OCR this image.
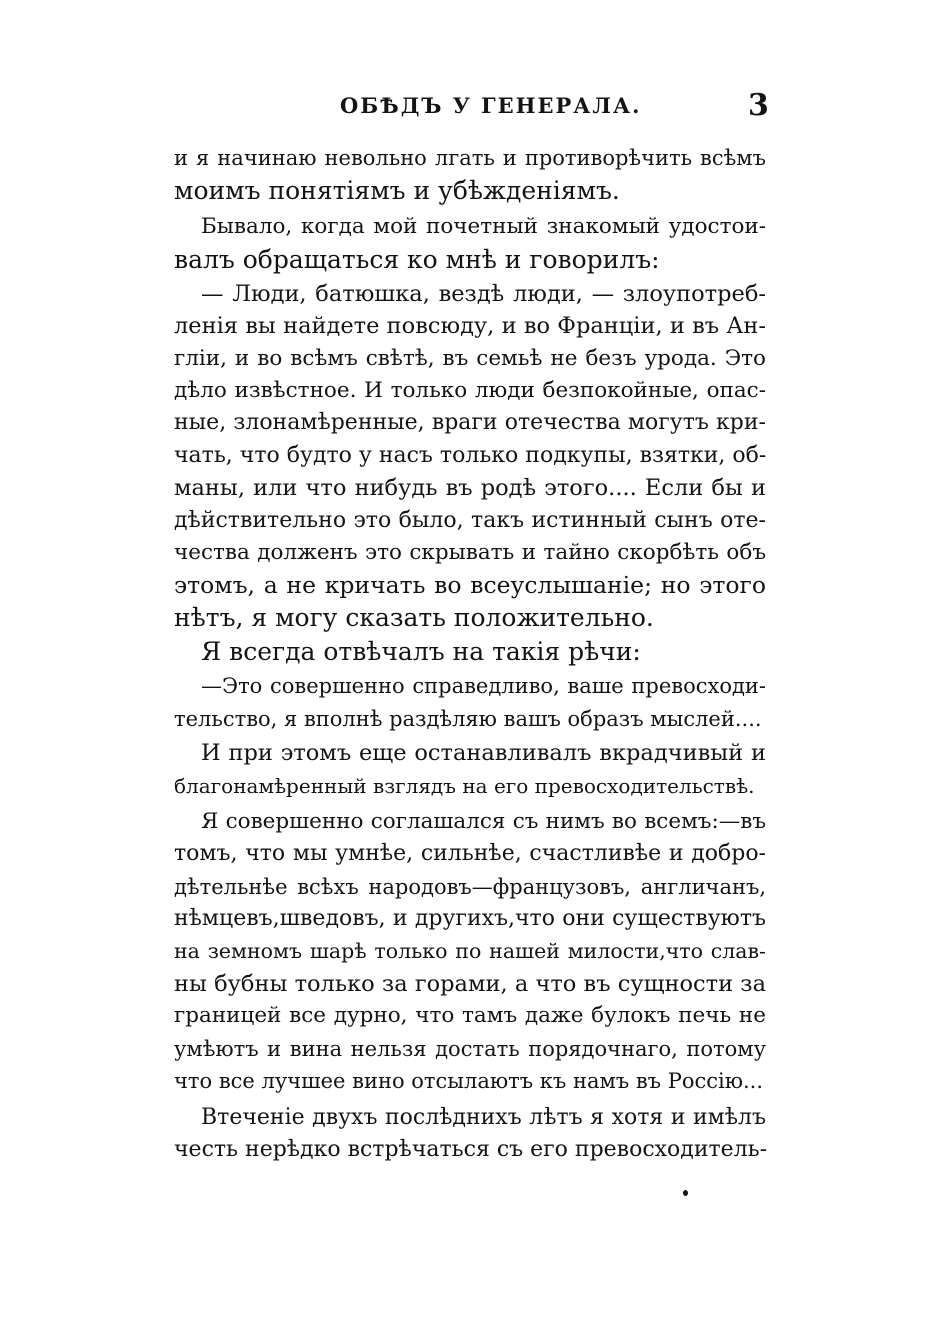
ОБѢДЪ У ГЕНЕРАЛА.	3
и я начинаю невольно лгать и противорѣчить всѣмъ
моимъ понятіямъ и убѣжденіямъ.
Бывало, когда мой почетный знакомый удостои-
валъ обращаться ко мнѣ и говорилъ:
— Люди, батюшка, вездѣ люди, — злоупотреб-
ленія вы найдете повсюду, и во Франціи, и въ Ан-
гліи, и во всѣмъ свѣтѣ, въ семьѣ не безъ урода. Это
дѣло извѣстное. И только люди безпокойные, опас-
ные, злонамѣренные, враги отечества могутъ кри-
чать, что будто у насъ только подкупы, взятки, об-
маны, или что нибудь въ родѣ этого.... Если бы и
дѣйствительно это было, такъ истинный сынъ оте-
чества долженъ это скрывать и тайно скорбѣть объ
этомъ, а не кричать во всеуслышаніе; но этого
нѣтъ, я могу сказать положительно.
Я всегда отвѣчалъ на такія рѣчи:
—Это совершенно справедливо, ваше превосходи-
тельство, я вполнѣ раздѣляю вашъ образъ мыслей....
И при этомъ еще останавливалъ вкрадчивый и
благонамѣренный взглядъ на его превосходительствѣ.
Я совершенно соглашался съ нимъ во всемъ:—въ
томъ, что мы умнѣе, сильнѣе, счастливѣе и добро-
дѣтельнѣе всѣхъ народовъ—французовъ, англичанъ,
нѣмцевъ,шведовъ, и другихъ,что они существуютъ
на земномъ шарѣ только по нашей милости,что слав-
ны бубны только за горами, а что въ сущности за
границей все дурно, что тамъ даже булокъ печь не
умѣютъ и вина нельзя достать порядочнаго, потому
что все лучшее вино отсылаютъ къ намъ въ Россію...
Втеченіе двухъ послѣднихъ лѣтъ я хотя и имѣлъ
честь нерѣдко встрѣчаться съ его превосходитель-
